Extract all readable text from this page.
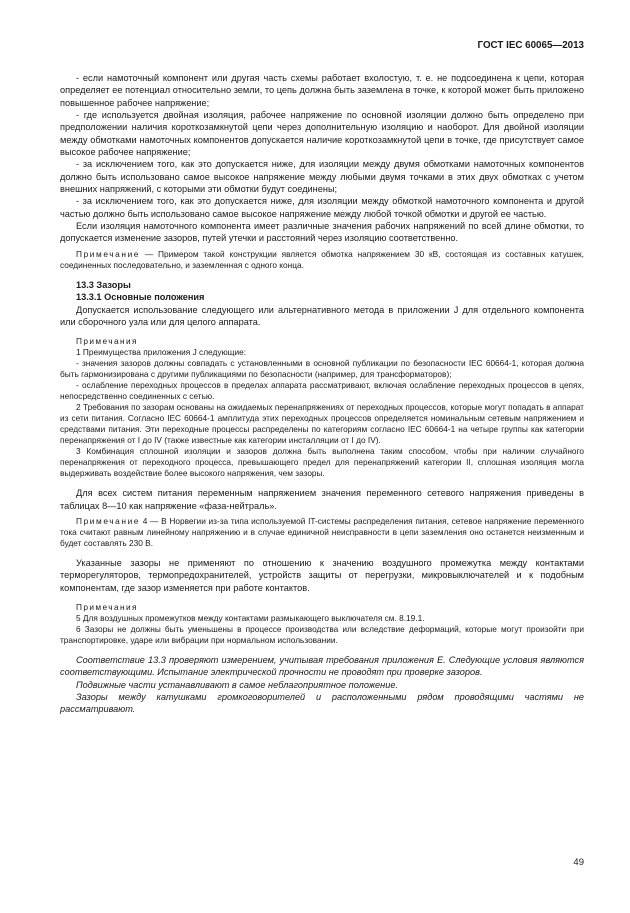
ГОСТ IEC 60065—2013

- если намоточный компонент или другая часть схемы работает вхолостую, т. е. не подсоединена к цепи, которая определяет ее потенциал относительно земли, то цепь должна быть заземлена в точке, к которой может быть приложено повышенное рабочее напряжение;

- где используется двойная изоляция, рабочее напряжение по основной изоляции должно быть определено при предположении наличия короткозамкнутой цепи через дополнительную изоляцию и наоборот. Для двойной изоляции между обмотками намоточных компонентов допускается наличие короткозамкнутой цепи в точке, где присутствует самое высокое рабочее напряжение;

- за исключением того, как это допускается ниже, для изоляции между двумя обмотками намоточных компонентов должно быть использовано самое высокое напряжение между любыми двумя точками в этих двух обмотках с учетом внешних напряжений, с которыми эти обмотки будут соединены;

- за исключением того, как это допускается ниже, для изоляции между обмоткой намоточного компонента и другой частью должно быть использовано самое высокое напряжение между любой точкой обмотки и другой ее частью.

Если изоляция намоточного компонента имеет различные значения рабочих напряжений по всей длине обмотки, то допускается изменение зазоров, путей утечки и расстояний через изоляцию соответственно.

Примечание — Примером такой конструкции является обмотка напряжением 30 кВ, состоящая из составных катушек, соединенных последовательно, и заземленная с одного конца.

13.3 Зазоры

13.3.1 Основные положения

Допускается использование следующего или альтернативного метода в приложении J для отдельного компонента или сборочного узла или для целого аппарата.

Примечания

1 Преимущества приложения J следующие:

- значения зазоров должны совпадать с установленными в основной публикации по безопасности IEC 60664-1, которая должна быть гармонизирована с другими публикациями по безопасности (например, для трансформаторов);

- ослабление переходных процессов в пределах аппарата рассматривают, включая ослабление переходных процессов в цепях, непосредственно соединенных с сетью.

2 Требования по зазорам основаны на ожидаемых перенапряжениях от переходных процессов, которые могут попадать в аппарат из сети питания. Согласно IEC 60664-1 амплитуда этих переходных процессов определяется номинальным сетевым напряжением и средствами питания. Эти переходные процессы распределены по категориям согласно IEC 60664-1 на четыре группы как категории перенапряжения от I до IV (также известные как категории инсталляции от I до IV).

3 Комбинация сплошной изоляции и зазоров должна быть выполнена таким способом, чтобы при наличии случайного перенапряжения от переходного процесса, превышающего предел для перенапряжений категории II, сплошная изоляция могла выдерживать воздействие более высокого напряжения, чем зазоры.

Для всех систем питания переменным напряжением значения переменного сетевого напряжения приведены в таблицах 8—10 как напряжение «фаза-нейтраль».

Примечание 4 — В Норвегии из-за типа используемой IT-системы распределения питания, сетевое напряжение переменного тока считают равным линейному напряжению и в случае единичной неисправности в цепи заземления оно останется неизменным и будет составлять 230 В.

Указанные зазоры не применяют по отношению к значению воздушного промежутка между контактами терморегуляторов, термопредохранителей, устройств защиты от перегрузки, микровыключателей и к подобным компонентам, где зазор изменяется при работе контактов.

Примечания

5 Для воздушных промежутков между контактами размыкающего выключателя см. 8.19.1.

6 Зазоры не должны быть уменьшены в процессе производства или вследствие деформаций, которые могут произойти при транспортировке, ударе или вибрации при нормальном использовании.

Соответствие 13.3 проверяют измерением, учитывая требования приложения Е. Следующие условия являются соответствующими. Испытание электрической прочности не проводят при проверке зазоров.

Подвижные части устанавливают в самое неблагоприятное положение.

Зазоры между катушками громкоговорителей и расположенными рядом проводящими частями не рассматривают.

49
